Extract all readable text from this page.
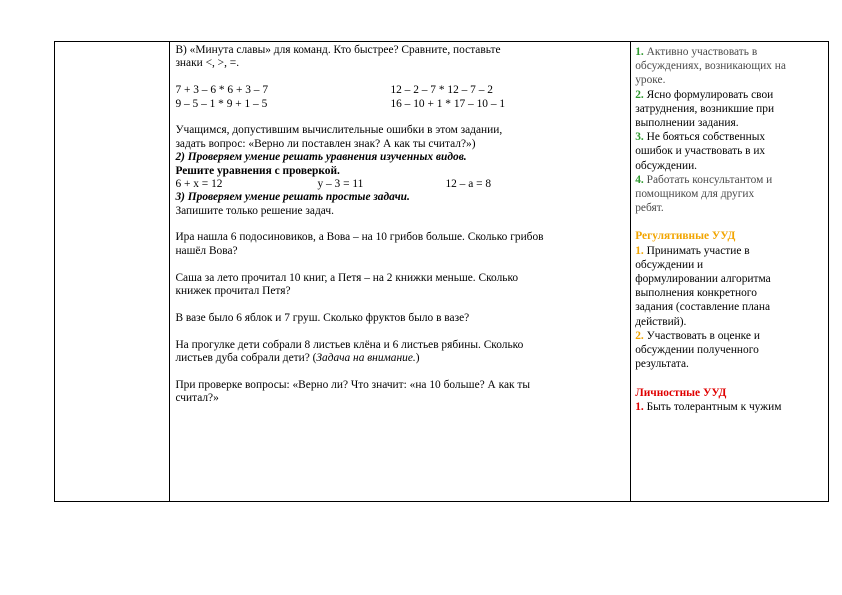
В) «Минута славы» для команд. Кто быстрее? Сравните, поставьте
знаки <, >, =.
7 + 3 – 6 * 6 + 3 – 7	12 – 2 – 7 * 12 – 7 – 2
9 – 5 – 1 * 9 + 1 – 5	16 – 10 + 1 * 17 – 10 – 1
Учащимся, допустившим вычислительные ошибки в этом задании,
задать вопрос: «Верно ли поставлен знак? А как ты считал?»)
2) Проверяем умение решать уравнения изученных видов.
Решите уравнения с проверкой.
6 + х = 12	у – 3 = 11	12 – а = 8
3) Проверяем умение решать простые задачи.
Запишите только решение задач.
Ира нашла 6 подосиновиков, а Вова – на 10 грибов больше. Сколько грибов
нашёл Вова?
Саша за лето прочитал 10 книг, а Петя – на 2 книжки меньше. Сколько
книжек прочитал Петя?
В вазе было 6 яблок и 7 груш. Сколько фруктов было в вазе?
На прогулке дети собрали 8 листьев клёна и 6 листьев рябины. Сколько
листьев дуба собрали дети? (Задача на внимание.)
При проверке вопросы: «Верно ли? Что значит: «на 10 больше? А как ты
считал?»

1. Активно участвовать в
обсуждениях, возникающих на
уроке.
2. Ясно формулировать свои
затруднения, возникшие при
выполнении задания.
3. Не бояться собственных
ошибок и участвовать в их
обсуждении.
4. Работать консультантом и
помощником для других
ребят.
Регулятивные УУД
1. Принимать участие в
обсуждении и
формулировании алгоритма
выполнения конкретного
задания (составление плана
действий).
2. Участвовать в оценке и
обсуждении полученного
результата.
Личностные УУД
1. Быть толерантным к чужим
